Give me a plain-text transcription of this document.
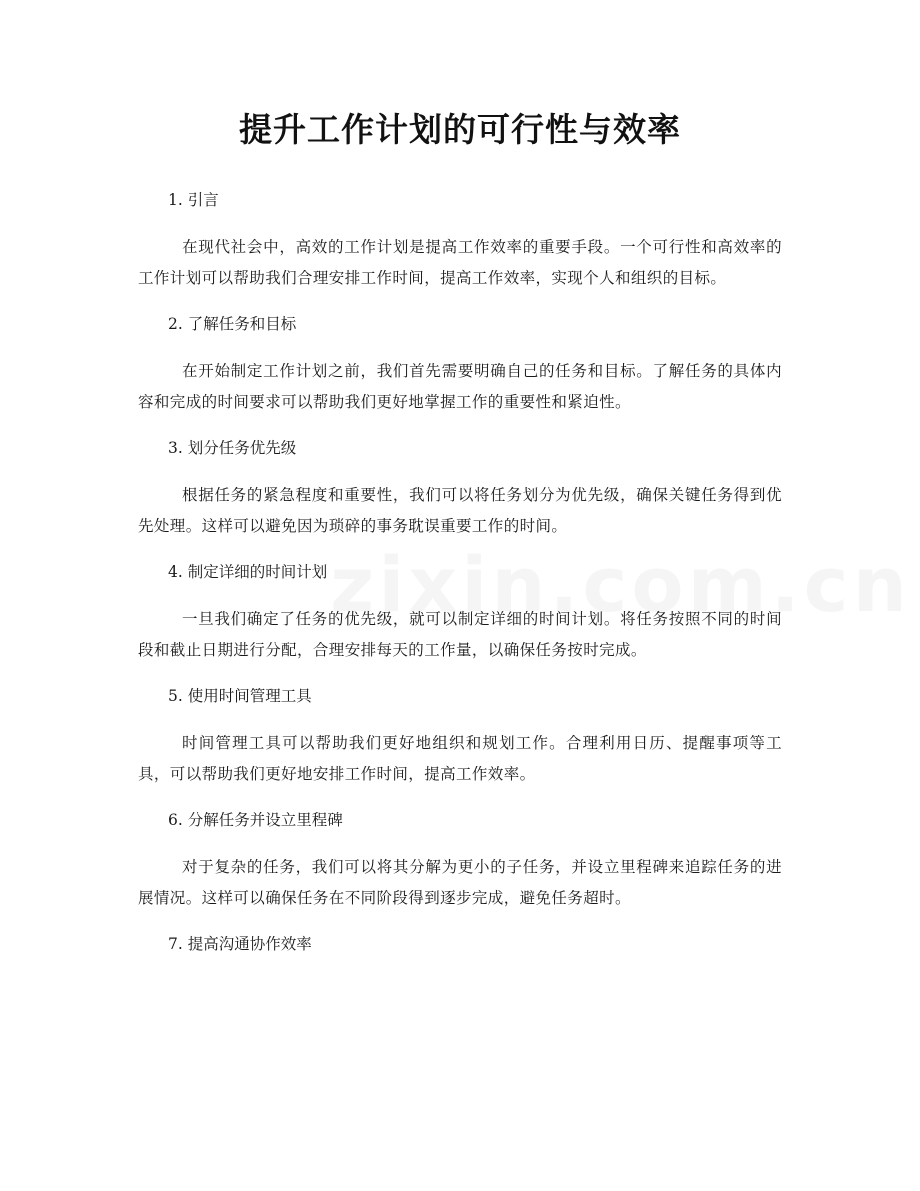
提升工作计划的可行性与效率
1. 引言

在现代社会中，高效的工作计划是提高工作效率的重要手段。一个可行性和高效率的工作计划可以帮助我们合理安排工作时间，提高工作效率，实现个人和组织的目标。

2. 了解任务和目标

在开始制定工作计划之前，我们首先需要明确自己的任务和目标。了解任务的具体内容和完成的时间要求可以帮助我们更好地掌握工作的重要性和紧迫性。

3. 划分任务优先级

根据任务的紧急程度和重要性，我们可以将任务划分为优先级，确保关键任务得到优先处理。这样可以避免因为琐碎的事务耽误重要工作的时间。

4. 制定详细的时间计划

一旦我们确定了任务的优先级，就可以制定详细的时间计划。将任务按照不同的时间段和截止日期进行分配，合理安排每天的工作量，以确保任务按时完成。

5. 使用时间管理工具

时间管理工具可以帮助我们更好地组织和规划工作。合理利用日历、提醒事项等工具，可以帮助我们更好地安排工作时间，提高工作效率。

6. 分解任务并设立里程碑

对于复杂的任务，我们可以将其分解为更小的子任务，并设立里程碑来追踪任务的进展情况。这样可以确保任务在不同阶段得到逐步完成，避免任务超时。

7. 提高沟通协作效率
